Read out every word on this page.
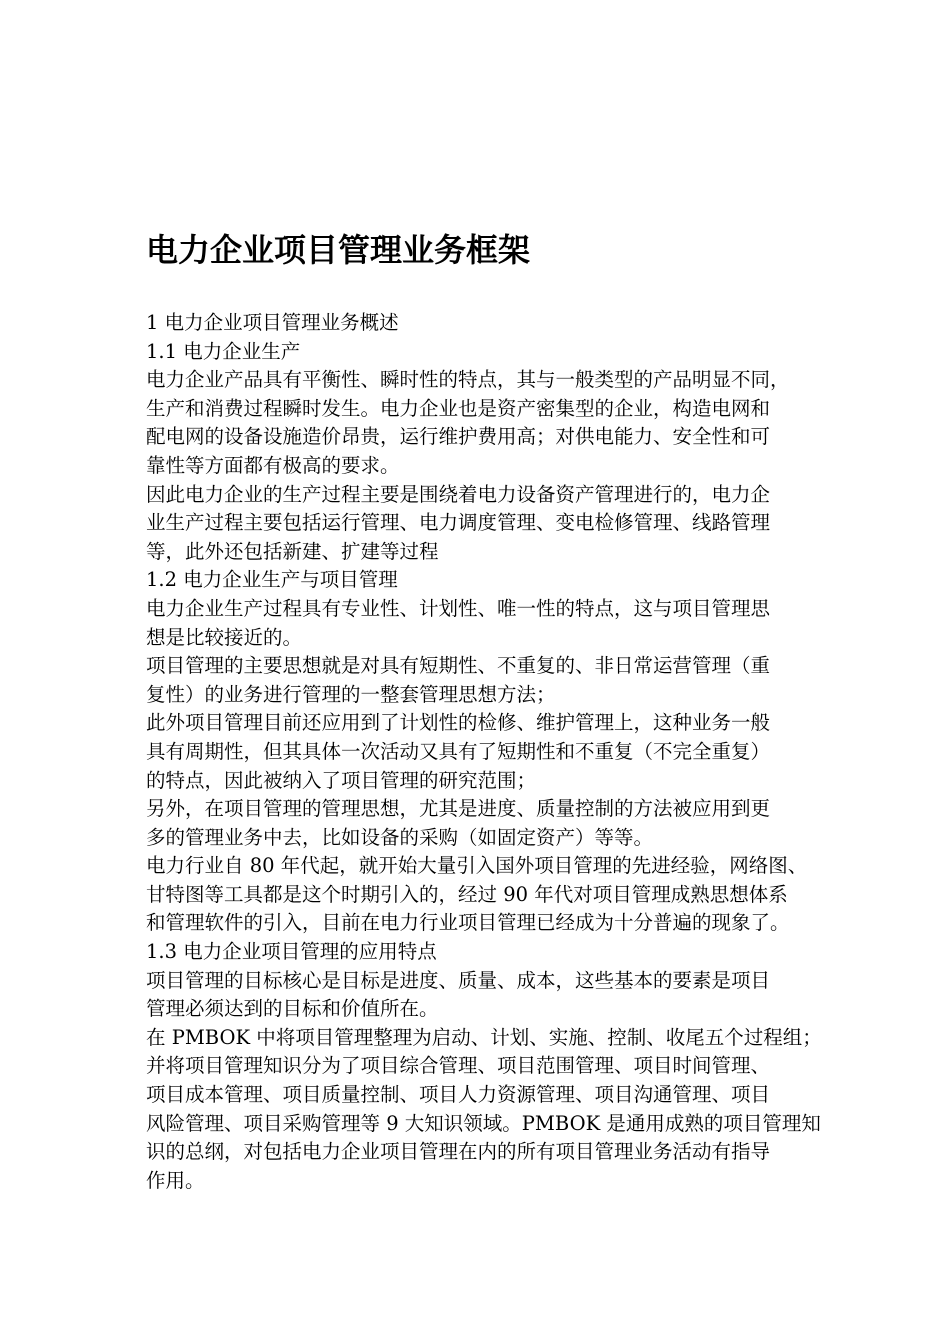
电力企业项目管理业务框架
1 电力企业项目管理业务概述
1.1 电力企业生产
电力企业产品具有平衡性、瞬时性的特点，其与一般类型的产品明显不同，
生产和消费过程瞬时发生。电力企业也是资产密集型的企业，构造电网和
配电网的设备设施造价昂贵，运行维护费用高；对供电能力、安全性和可
靠性等方面都有极高的要求。
因此电力企业的生产过程主要是围绕着电力设备资产管理进行的，电力企
业生产过程主要包括运行管理、电力调度管理、变电检修管理、线路管理
等，此外还包括新建、扩建等过程
1.2 电力企业生产与项目管理
电力企业生产过程具有专业性、计划性、唯一性的特点，这与项目管理思
想是比较接近的。
项目管理的主要思想就是对具有短期性、不重复的、非日常运营管理（重
复性）的业务进行管理的一整套管理思想方法；
此外项目管理目前还应用到了计划性的检修、维护管理上，这种业务一般
具有周期性，但其具体一次活动又具有了短期性和不重复（不完全重复）
的特点，因此被纳入了项目管理的研究范围；
另外，在项目管理的管理思想，尤其是进度、质量控制的方法被应用到更
多的管理业务中去，比如设备的采购（如固定资产）等等。
电力行业自 80 年代起，就开始大量引入国外项目管理的先进经验，网络图、
甘特图等工具都是这个时期引入的，经过 90 年代对项目管理成熟思想体系
和管理软件的引入，目前在电力行业项目管理已经成为十分普遍的现象了。
1.3 电力企业项目管理的应用特点
项目管理的目标核心是目标是进度、质量、成本，这些基本的要素是项目
管理必须达到的目标和价值所在。
在 PMBOK 中将项目管理整理为启动、计划、实施、控制、收尾五个过程组；
并将项目管理知识分为了项目综合管理、项目范围管理、项目时间管理、
项目成本管理、项目质量控制、项目人力资源管理、项目沟通管理、项目
风险管理、项目采购管理等 9 大知识领域。PMBOK 是通用成熟的项目管理知
识的总纲，对包括电力企业项目管理在内的所有项目管理业务活动有指导
作用。
